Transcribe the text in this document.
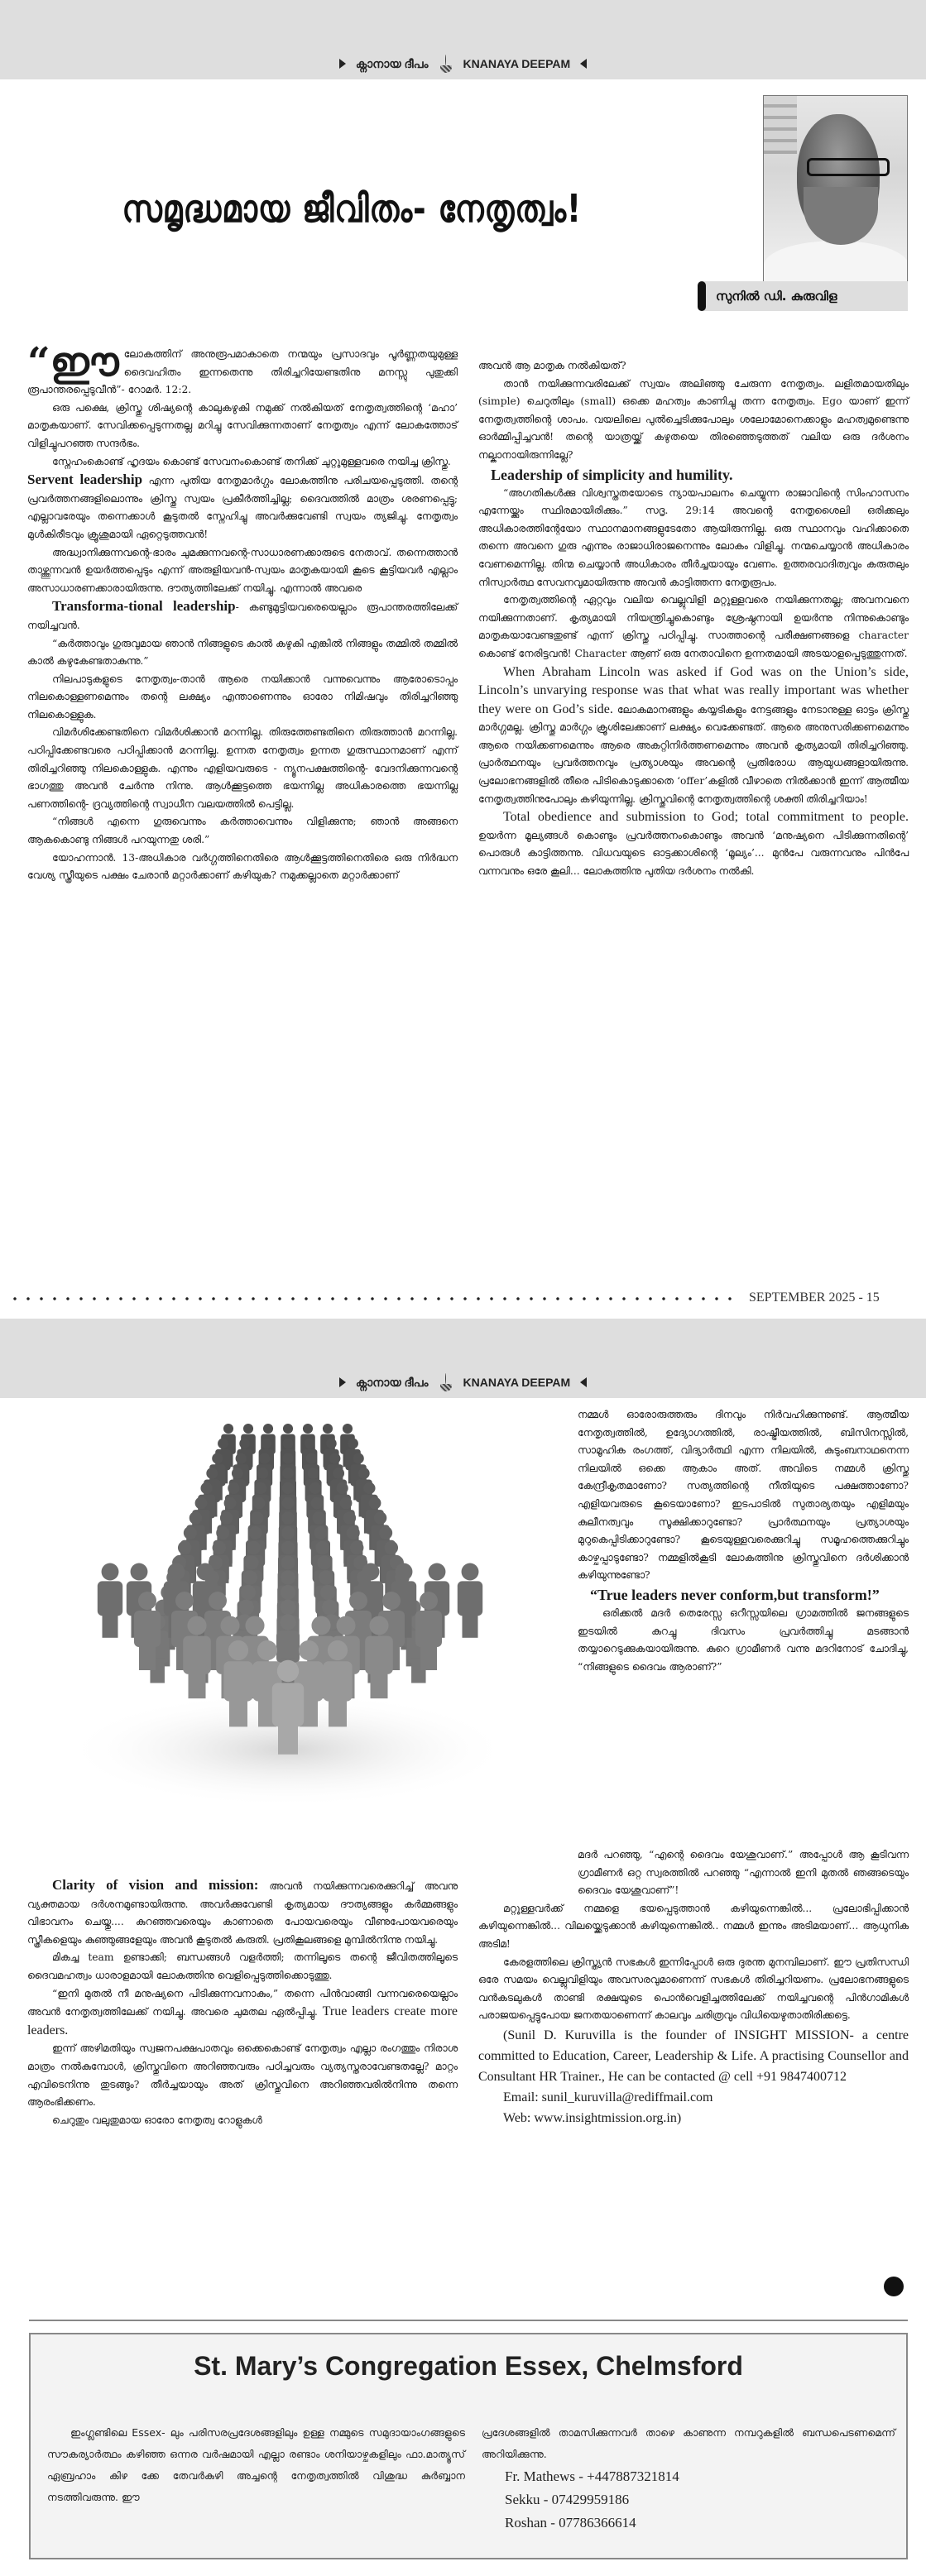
ക്നാനായ ദീപം	KNANAYA DEEPAM
സമൃദ്ധമായ ജീവിതം- നേതൃത്വം!
സുനിൽ ഡി. കുരുവിള

“ഈലോകത്തിന് അനുരൂപമാകാതെ നന്മയും പ്രസാദവും പൂർണ്ണതയുമുള്ള ദൈവഹിതം ഇന്നതെന്നു തിരിച്ചറിയേണ്ടതിനു മനസ്സു പുതുക്കി രൂപാന്തരപ്പെടുവീൻ”- റോമർ. 12:2.

ഒരു പക്ഷെ, ക്രിസ്തു ശിഷ്യന്റെ കാലുകഴുകി നമുക്ക് നൽകിയത് നേതൃത്വത്തിന്റെ ‘മഹാ’ മാതൃകയാണ്. സേവിക്കപ്പെടുന്നതല്ല മറിച്ചു സേവിക്കുന്നതാണ് നേതൃത്വം എന്ന് ലോകത്തോട് വിളിച്ചുപറഞ്ഞ സന്ദർഭം.

സ്നേഹംകൊണ്ട് ഹൃദയം കൊണ്ട് സേവനംകൊണ്ട് തനിക്ക് ചുറ്റുമുള്ളവരെ നയിച്ച ക്രിസ്തു.

Servent leadership എന്ന പുതിയ നേതൃമാർഗ്ഗം ലോകത്തിനു പരിചയപ്പെടുത്തി. തന്റെ പ്രവർത്തനങ്ങളിലൊന്നും ക്രിസ്തു സ്വയം പ്രകീർത്തിച്ചില്ല; ദൈവത്തിൽ മാത്രം ശരണപ്പെട്ടു; എല്ലാവരേയും തന്നെക്കാൾ കൂടുതൽ സ്നേഹിച്ചു അവർക്കുവേണ്ടി സ്വയം ത്യജിച്ചു. നേതൃത്വം മുൾകിരീടവും ക്രൂശുമായി ഏറ്റെടുത്തവൻ!

അദ്ധ്വാനിക്കുന്നവന്റെ-ഭാരം ചുമക്കുന്നവന്റെ-സാധാരണക്കാരുടെ നേതാവ്. തന്നെത്താൻ താഴ്ത്തുന്നവൻ ഉയർത്തപ്പെടും എന്ന് അരുളിയവൻ-സ്വയം മാതൃകയായി കൂടെ കൂട്ടിയവർ എല്ലാം അസാധാരണക്കാരായിരുന്നു. ദൗത്യത്തിലേക്ക് നയിച്ചു. എന്നാൽ അവരെ

Transforma-tional leadership- കണ്ടുമുട്ടിയവരെയെല്ലാം രൂപാന്തരത്തിലേക്ക് നയിച്ചവൻ.

“കർത്താവും ഗുരുവുമായ ഞാൻ നിങ്ങളുടെ കാൽ കഴുകി എങ്കിൽ നിങ്ങളും തമ്മിൽ തമ്മിൽ കാൽ കഴുകേണ്ടതാകുന്നു.”

നിലപാടുകളുടെ നേതൃത്വം-താൻ ആരെ നയിക്കാൻ വന്നുവെന്നും ആരോടൊപ്പം നിലകൊള്ളണമെന്നും തന്റെ ലക്ഷ്യം എന്താണെന്നും ഓരോ നിമിഷവും തിരിച്ചറിഞ്ഞു നിലകൊള്ളുക.

വിമർശിക്കേണ്ടതിനെ വിമർശിക്കാൻ മറന്നില്ല. തിരുത്തേണ്ടതിനെ തിരുത്താൻ മറന്നില്ല. പഠിപ്പിക്കേണ്ടവരെ പഠിപ്പിക്കാൻ മറന്നില്ല. ഉന്നത നേതൃത്വം ഉന്നത ഗുരുസ്ഥാനമാണ് എന്ന് തിരിച്ചറിഞ്ഞു നിലകൊള്ളുക. എന്നും എളിയവരുടെ - ന്യൂനപക്ഷത്തിന്റെ- വേദനിക്കുന്നവന്റെ ഭാഗത്തു അവൻ ചേർന്നു നിന്നു. ആൾക്കൂട്ടത്തെ ഭയന്നില്ല അധികാരത്തെ ഭയന്നില്ല പണത്തിന്റെ- ദ്രവ്യത്തിന്റെ സ്വാധീന വലയത്തിൽ പെട്ടില്ല.

“നിങ്ങൾ എന്നെ ഗുരുവെന്നും കർത്താവെന്നും വിളിക്കുന്നു; ഞാൻ അങ്ങനെ ആകകൊണ്ടു നിങ്ങൾ പറയുന്നതു ശരി.”

യോഹന്നാൻ. 13-അധികാര വർഗ്ഗത്തിനെതിരെ ആൾക്കൂട്ടത്തിനെതിരെ ഒരു നിർദ്ധന വേശ്യ സ്ത്രീയുടെ പക്ഷം ചേരാൻ മറ്റാർക്കാണ് കഴിയുക? നമുക്കല്ലാതെ മറ്റാർക്കാണ്

അവൻ ആ മാതൃക നൽകിയത്?

താൻ നയിക്കുന്നവരിലേക്ക് സ്വയം അലിഞ്ഞു ചേരുന്ന നേതൃത്വം. ലളിതമായതിലും (simple) ചെറുതിലും (small) ഒക്കെ മഹത്വം കാണിച്ചു തന്ന നേതൃത്വം. Ego യാണ് ഇന്ന് നേതൃത്വത്തിന്റെ ശാപം. വയലിലെ പുൽച്ചെടിക്കുപോലും ശലോമോനെക്കാളും മഹത്വമുണ്ടെന്നു ഓർമ്മിപ്പിച്ചവൻ! തന്റെ യാത്രയ്ക്ക് കഴുതയെ തിരഞ്ഞെടുത്തത് വലിയ ഒരു ദർശനം നല്കാനായിരുന്നില്ലേ?

Leadership of simplicity and humility.

“അഗതികൾക്കു വിശ്വസ്തതയോടെ ന്യായപാലനം ചെയ്യുന്ന രാജാവിന്റെ സിംഹാസനം എന്നേയ്ക്കും സ്ഥിരമായിരിക്കും.” സദൃ. 29:14 അവന്റെ നേതൃശൈലി ഒരിക്കലും അധികാരത്തിന്റേയോ സ്ഥാനമാനങ്ങളുടേതോ ആയിരുന്നില്ല. ഒരു സ്ഥാനവും വഹിക്കാതെ തന്നെ അവനെ ഗുരു എന്നും രാജാധിരാജനെന്നും ലോകം വിളിച്ചു. നന്മചെയ്യാൻ അധികാരം വേണമെന്നില്ല. തിന്മ ചെയ്യാൻ അധികാരം തീർച്ചയായും വേണം. ഉത്തരവാദിത്വവും കരുതലും നിസ്വാർത്ഥ സേവനവുമായിരുന്നു അവൻ കാട്ടിത്തന്ന നേതൃരൂപം.

നേതൃത്വത്തിന്റെ ഏറ്റവും വലിയ വെല്ലുവിളി മറ്റുള്ളവരെ നയിക്കുന്നതല്ല; അവനവനെ നയിക്കുന്നതാണ്. കൃത്യമായി നിയന്ത്രിച്ചുകൊണ്ടും ശ്രേഷ്ഠനായി ഉയർന്നു നിന്നുകൊണ്ടും മാതൃകയാവേണ്ടതുണ്ട് എന്ന് ക്രിസ്തു പഠിപ്പിച്ചു. സാത്താന്റെ പരീക്ഷണങ്ങളെ character കൊണ്ട് നേരിട്ടവൻ! Character ആണ് ഒരു നേതാവിനെ ഉന്നതമായി അടയാളപ്പെടുത്തുന്നത്.

When Abraham Lincoln was asked if God was on the Union’s side, Lincoln’s unvarying response was that what was really important was whether they were on God’s side. ലോകമാനങ്ങളും കയ്യടികളും നേട്ടങ്ങളും നേടാനുള്ള ഓട്ടം ക്രിസ്തു മാർഗ്ഗമല്ല. ക്രിസ്തു മാർഗ്ഗം ക്രൂശിലേക്കാണ് ലക്ഷ്യം വെക്കേണ്ടത്. ആരെ അനുസരിക്കണമെന്നും ആരെ നയിക്കണമെന്നും ആരെ അകറ്റിനിർത്തണമെന്നും അവൻ കൃത്യമായി തിരിച്ചറിഞ്ഞു. പ്രാർത്ഥനയും പ്രവർത്തനവും പ്രത്യാശയും അവന്റെ പ്രതിരോധ ആയുധങ്ങളായിരുന്നു. പ്രലോഭനങ്ങളിൽ തീരെ പിടികൊടുക്കാതെ ‘offer’കളിൽ വീഴാതെ നിൽക്കാൻ ഇന്ന് ആത്മീയ നേതൃത്വത്തിനുപോലും കഴിയുന്നില്ല. ക്രിസ്തുവിന്റെ നേതൃത്വത്തിന്റെ ശക്തി തിരിച്ചറിയാം!

Total obedience and submission to God; total commitment to people. ഉയർന്ന മൂല്യങ്ങൾ കൊണ്ടും പ്രവർത്തനംകൊണ്ടും അവൻ ‘മനുഷ്യനെ പിടിക്കുന്നതിന്റെ’ പൊരുൾ കാട്ടിത്തന്നു. വിധവയുടെ ഓട്ടക്കാശിന്റെ ‘മൂല്യം’... മുൻപേ വരുന്നവനും പിൻപേ വന്നവനും ഒരേ കൂലി... ലോകത്തിനു പുതിയ ദർശനം നൽകി.

SEPTEMBER 2025 - 15
ക്നാനായ ദീപം	KNANAYA DEEPAM

Clarity of vision and mission: അവൻ നയിക്കുന്നവരെക്കുറിച്ച് അവനു വ്യക്തമായ ദർശനമുണ്ടായിരുന്നു. അവർക്കുവേണ്ടി കൃത്യമായ ദൗത്യങ്ങളും കർമ്മങ്ങളും വിഭാവനം ചെയ്തു.... കുറഞ്ഞവരെയും കാണാതെ പോയവരെയും വീണുപോയവരെയും സ്ത്രീകളെയും കുഞ്ഞുങ്ങളേയും അവൻ കൂടുതൽ കരുതി. പ്രതികൂലങ്ങളെ മുമ്പിൽനിന്നു നയിച്ചു.

മികച്ച team ഉണ്ടാക്കി; ബന്ധങ്ങൾ വളർത്തി; തന്നിലൂടെ തന്റെ ജീവിതത്തിലൂടെ ദൈവമഹത്വം ധാരാളമായി ലോകത്തിനു വെളിപ്പെടുത്തിക്കൊടുത്തു.

“ഇനി മുതൽ നീ മനുഷ്യനെ പിടിക്കുന്നവനാകും,” തന്നെ പിൻവാങ്ങി വന്നവരെയെല്ലാം അവൻ നേതൃത്വത്തിലേക്ക് നയിച്ചു. അവരെ ചുമതല ഏൽപ്പിച്ചു. True leaders create more leaders.

ഇന്ന് അഴിമതിയും സ്വജനപക്ഷപാതവും ഒക്കെകൊണ്ട് നേതൃത്വം എല്ലാ രംഗത്തും നിരാശ മാത്രം നൽകുമ്പോൾ, ക്രിസ്തുവിനെ അറിഞ്ഞവരും പഠിച്ചവരും വ്യത്യസ്തരാവേണ്ടതല്ലേ? മാറ്റം എവിടെനിന്നു തുടങ്ങും? തീർച്ചയായും അത് ക്രിസ്തുവിനെ അറിഞ്ഞവരിൽനിന്നു തന്നെ ആരംഭിക്കണം.

ചെറുതും വലുതുമായ ഓരോ നേതൃത്വ റോളുകൾ

നമ്മൾ ഓരോരുത്തരും ദിനവും നിർവഹിക്കുന്നുണ്ട്. ആത്മീയ നേതൃത്വത്തിൽ, ഉദ്യോഗത്തിൽ, രാഷ്ട്രീയത്തിൽ, ബിസിനസ്സിൽ, സാമൂഹിക രംഗത്ത്, വിദ്യാർത്ഥി എന്ന നിലയിൽ, കുടുംബനാഥനെന്ന നിലയിൽ ഒക്കെ ആകാം അത്. അവിടെ നമ്മൾ ക്രിസ്തു കേന്ദ്രീകൃതമാണോ? സത്യത്തിന്റെ നീതിയുടെ പക്ഷത്താണോ? എളിയവരുടെ കൂടെയാണോ? ഇടപാടിൽ സുതാര്യതയും എളിമയും കുലീനത്വവും സൂക്ഷിക്കാറുണ്ടോ? പ്രാർത്ഥനയും പ്രത്യാശയും മുറുകെപ്പിടിക്കാറുണ്ടോ? കൂടെയുള്ളവരെക്കുറിച്ചു സമൂഹത്തെക്കുറിച്ചും കാഴ്ചപ്പാടുണ്ടോ? നമ്മളിൽകൂടി ലോകത്തിനു ക്രിസ്തുവിനെ ദർശിക്കാൻ കഴിയുന്നുണ്ടോ?

“True leaders never conform,but transform!”

ഒരിക്കൽ മദർ തെരേസ്സ ഒറീസ്സയിലെ ഗ്രാമത്തിൽ ജനങ്ങളുടെ ഇടയിൽ കുറച്ചു ദിവസം പ്രവർത്തിച്ചു മടങ്ങാൻ തയ്യാറെടുക്കുകയായിരുന്നു. കുറെ ഗ്രാമീണർ വന്നു മദറിനോട് ചോദിച്ചു, “നിങ്ങളുടെ ദൈവം ആരാണ്?”

മദർ പറഞ്ഞു, “എന്റെ ദൈവം യേശുവാണ്.” അപ്പോൾ ആ കൂടിവന്ന ഗ്രാമീണർ ഒറ്റ സ്വരത്തിൽ പറഞ്ഞു “എന്നാൽ ഇനി മുതൽ ഞങ്ങടെയും ദൈവം യേശുവാണ്”!

മറ്റുള്ളവർക്ക് നമ്മളെ ഭയപ്പെടുത്താൻ കഴിയുന്നെങ്കിൽ... പ്രലോഭിപ്പിക്കാൻ കഴിയുന്നെങ്കിൽ... വിലയ്ക്കെടുക്കാൻ കഴിയുന്നെങ്കിൽ.. നമ്മൾ ഇന്നും അടിമയാണ്... ആധുനിക അടിമ!

കേരളത്തിലെ ക്രിസ്ത്യൻ സഭകൾ ഇന്നിപ്പോൾ ഒരു ദുരന്ത മുനമ്പിലാണ്. ഈ പ്രതിസന്ധി ഒരേ സമയം വെല്ലുവിളിയും അവസരവുമാണെന്ന് സഭകൾ തിരിച്ചറിയണം. പ്രലോഭനങ്ങളുടെ വൻകടലുകൾ താണ്ടി രക്ഷയുടെ പൊൻവെളിച്ചത്തിലേക്ക് നയിച്ചവന്റെ പിൻഗാമികൾ പരാജയപ്പെട്ടുപോയ ജനതയാണെന്ന് കാലവും ചരിത്രവും വിധിയെഴുതാതിരിക്കട്ടെ.

(Sunil D. Kuruvilla is the founder of INSIGHT MISSION- a centre committed to Education, Career, Leadership & Life. A practising Counsellor and Consultant HR Trainer., He can be contacted @ cell +91 9847400712

Email: sunil_kuruvilla@rediffmail.com

Web: www.insightmission.org.in)

St. Mary’s Congregation Essex, Chelmsford

ഇംഗ്ലണ്ടിലെ Essex- ലും പരിസരപ്രദേശങ്ങളിലും ഉള്ള നമ്മുടെ സമുദായാംഗങ്ങളുടെ സൗകര്യാർത്ഥം കഴിഞ്ഞ ഒന്നര വർഷമായി എല്ലാ രണ്ടാം ശനിയാഴ്ചകളിലും ഫാ.മാത്യൂസ് ഏബ്രഹാം കിഴ ക്കേ തേവർകുഴി അച്ചന്റെ നേതൃത്വത്തിൽ വിശുദ്ധ കുർബ്ബാന നടത്തിവരുന്നു. ഈ

പ്രദേശങ്ങളിൽ താമസിക്കുന്നവർ താഴെ കാണുന്ന നമ്പറുകളിൽ ബന്ധപെടണമെന്ന് അറിയിക്കുന്നു.

Fr. Mathews - +447887321814
Sekku - 07429959186
Roshan - 07786366614
